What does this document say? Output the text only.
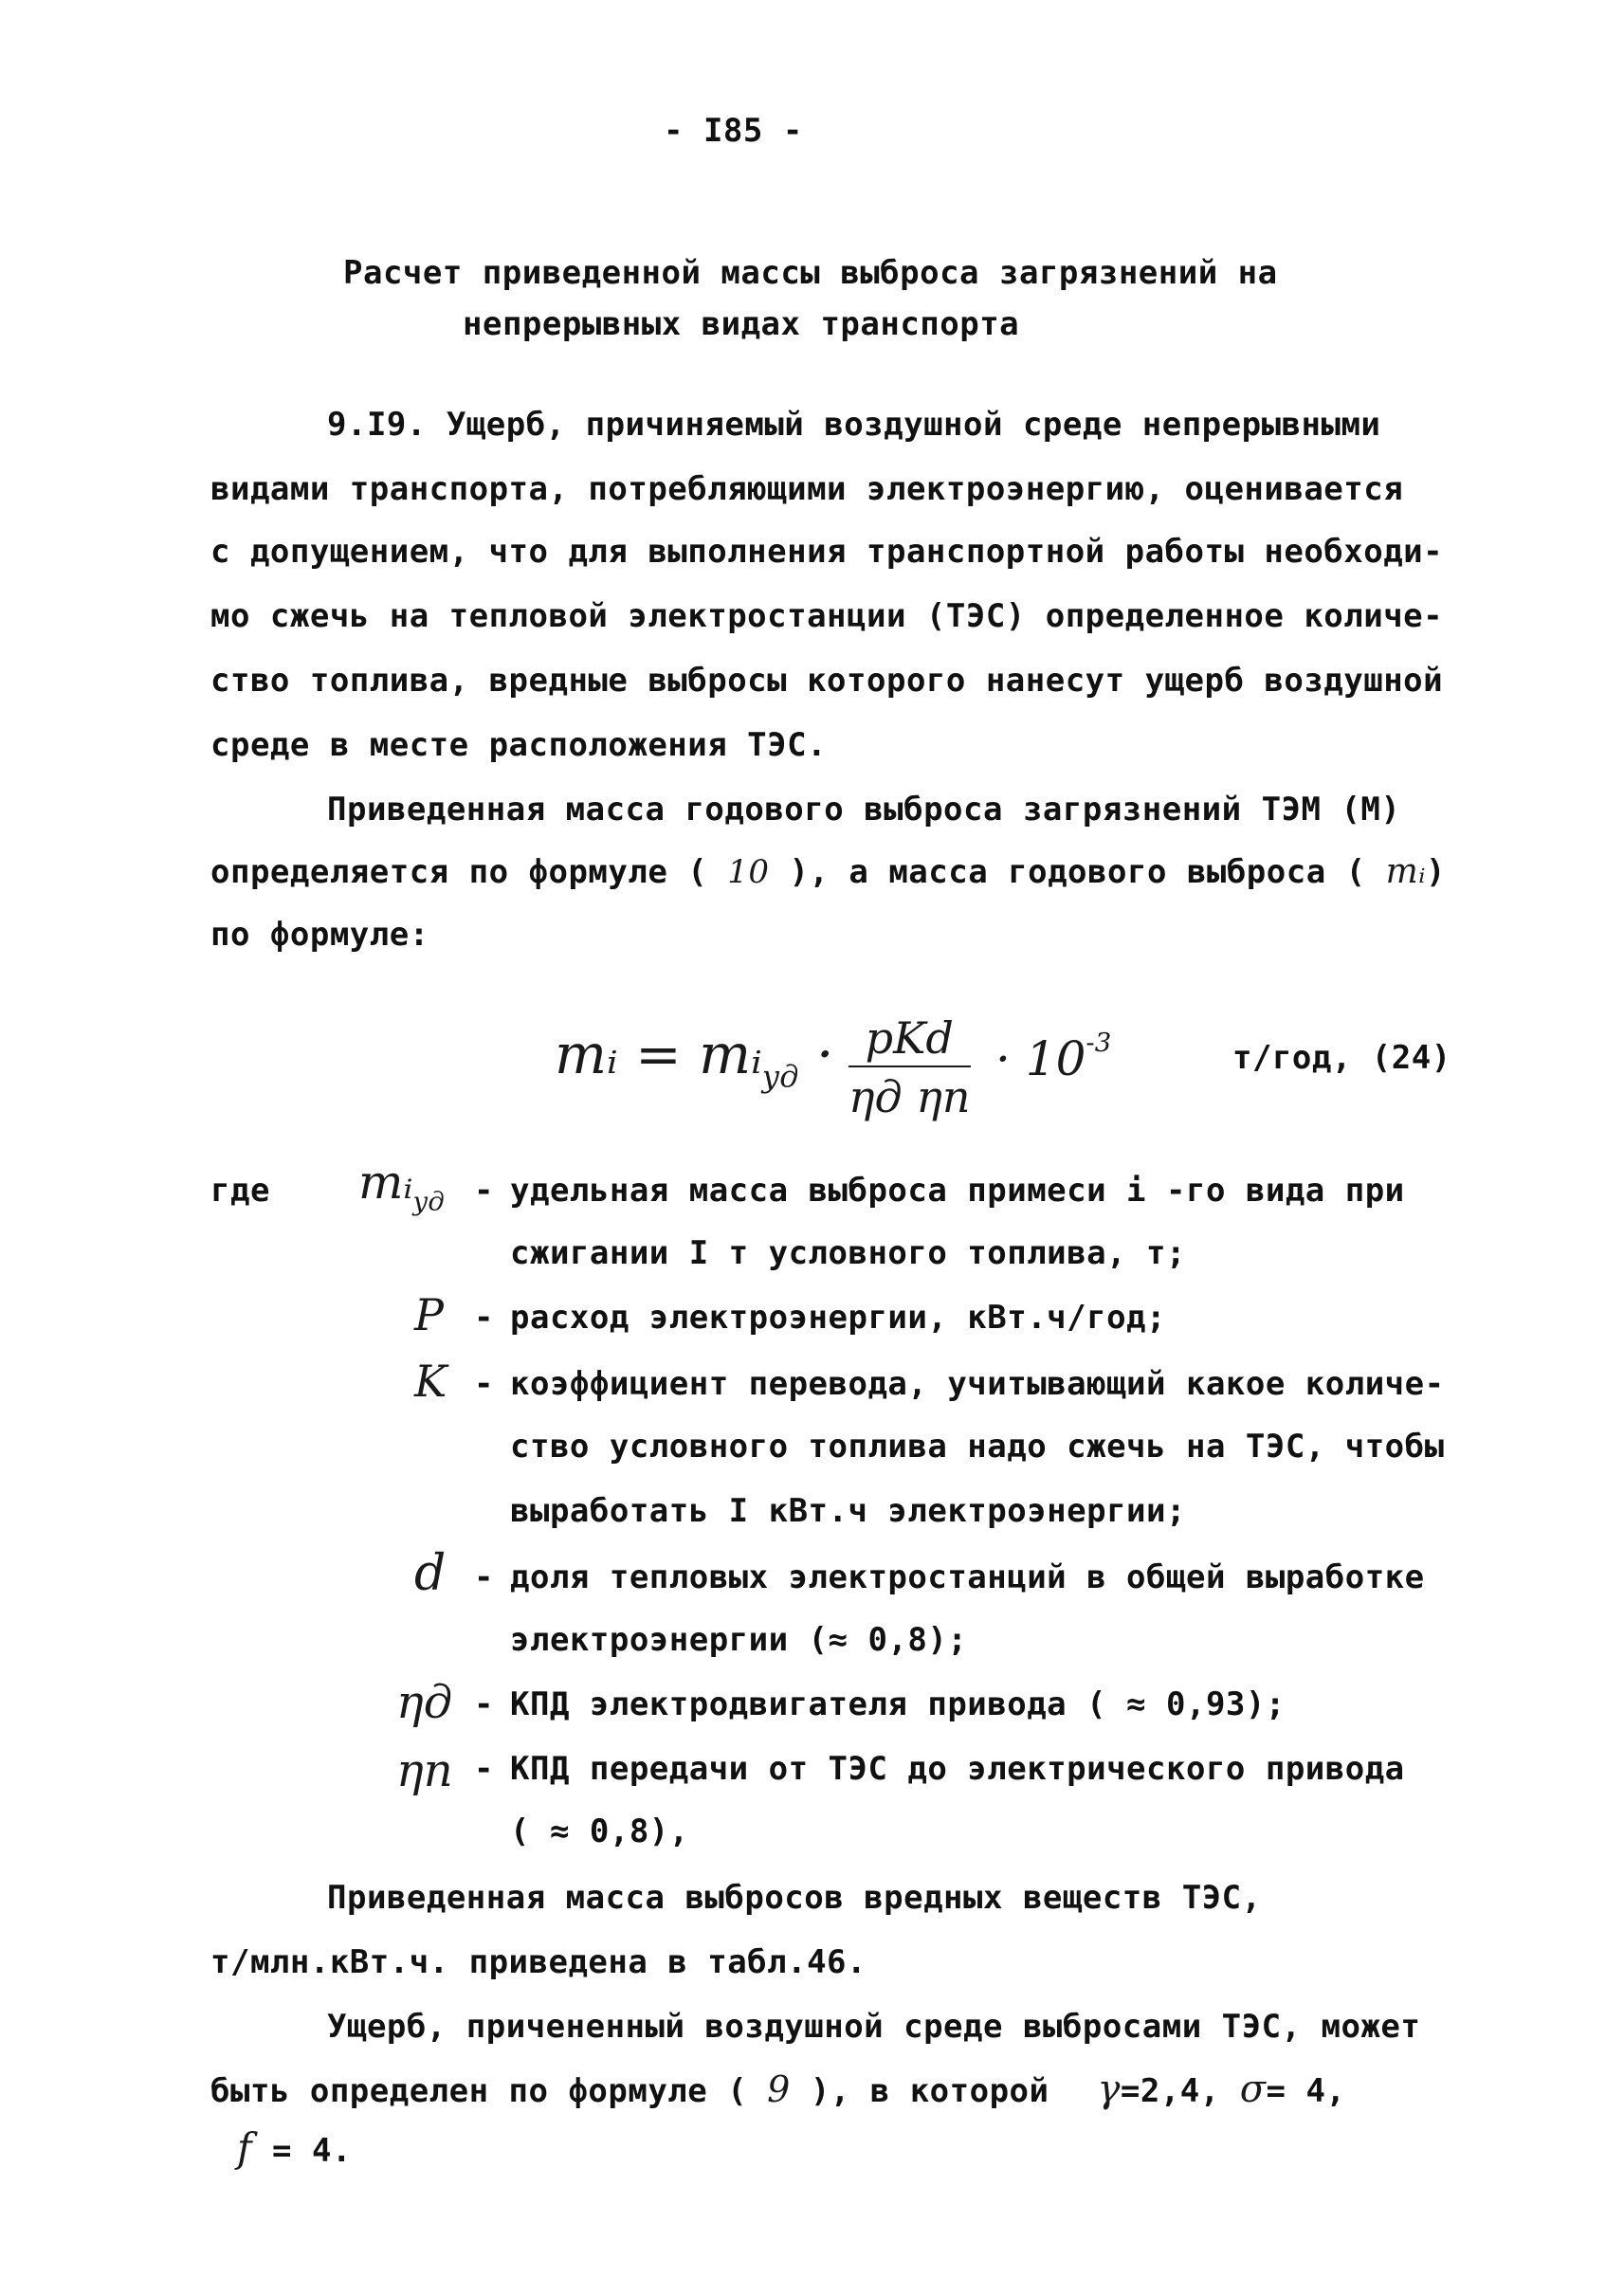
- I85 -
Расчет приведенной массы выброса загрязнений на
непрерывных видах транспорта
9.I9. Ущерб, причиняемый воздушной среде непрерывными
видами транспорта, потребляющими электроэнергию, оценивается
с допущением, что для выполнения транспортной работы необходи-
мо сжечь на тепловой электростанции (ТЭС) определенное количе-
ство топлива, вредные выбросы которого нанесут ущерб воздушной
среде в месте расположения ТЭС.
Приведенная масса годового выброса загрязнений ТЭМ (М)
определяется по формуле ( 10 ), а масса годового выброса ( mᵢ)
по формуле:
mᵢ = mᵢ$_{уд}$ · pKd
ηд ηп
· $10^{-3}$	т/год, (24)
где mᵢ$_{уд}$ - удельная масса выброса примеси i -го вида при
сжигании I т условного топлива, т;
P - расход электроэнергии, кВт.ч/год;
K - коэффициент перевода, учитывающий какое количе-
ство условного топлива надо сжечь на ТЭС, чтобы
выработать I кВт.ч электроэнергии;
d - доля тепловых электростанций в общей выработке
электроэнергии (≈ 0,8);
ηд - КПД электродвигателя привода ( ≈ 0,93);
ηп - КПД передачи от ТЭС до электрического привода
( ≈ 0,8),
Приведенная масса выбросов вредных веществ ТЭС,
т/млн.кВт.ч. приведена в табл.46.
Ущерб, причененный воздушной среде выбросами ТЭС, может
быть определен по формуле ( 9 ), в которой γ=2,4, σ= 4,
f = 4.
